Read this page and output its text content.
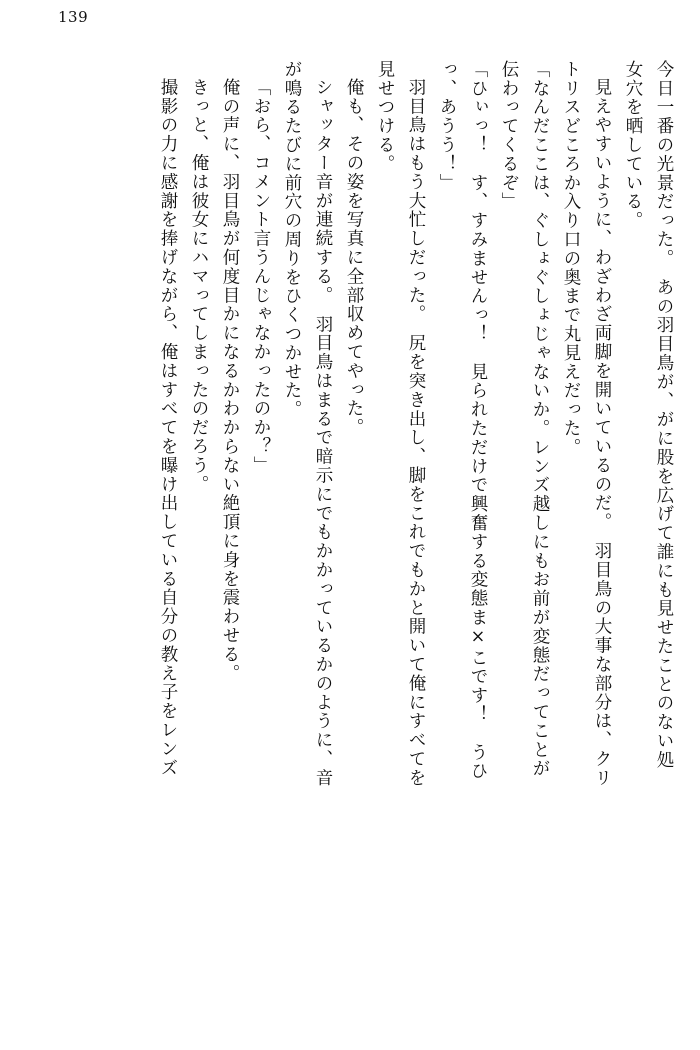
139
今日一番の光景だった。　あの羽目鳥が、がに股を広げて誰にも見せたことのない処
女穴を晒している。
見えやすいように、わざわざ両脚を開いているのだ。　羽目鳥の大事な部分は、クリ
トリスどころか入り口の奥まで丸見えだった。
「なんだここは、ぐしょぐしょじゃないか。レンズ越しにもお前が変態だってことが
伝わってくるぞ」
「ひぃっ！　す、すみませんっ！　見られただけで興奮する変態ま×こです！　うひ
っ、あうう！」
羽目鳥はもう大忙しだった。　尻を突き出し、脚をこれでもかと開いて俺にすべてを
見せつける。
俺も、その姿を写真に全部収めてやった。
シャッター音が連続する。　羽目鳥はまるで暗示にでもかかっているかのように、音
が鳴るたびに前穴の周りをひくつかせた。
「おら、コメント言うんじゃなかったのか？」
俺の声に、羽目鳥が何度目かになるかわからない絶頂に身を震わせる。
きっと、俺は彼女にハマってしまったのだろう。
撮影の力に感謝を捧げながら、俺はすべてを曝け出している自分の教え子をレンズ
